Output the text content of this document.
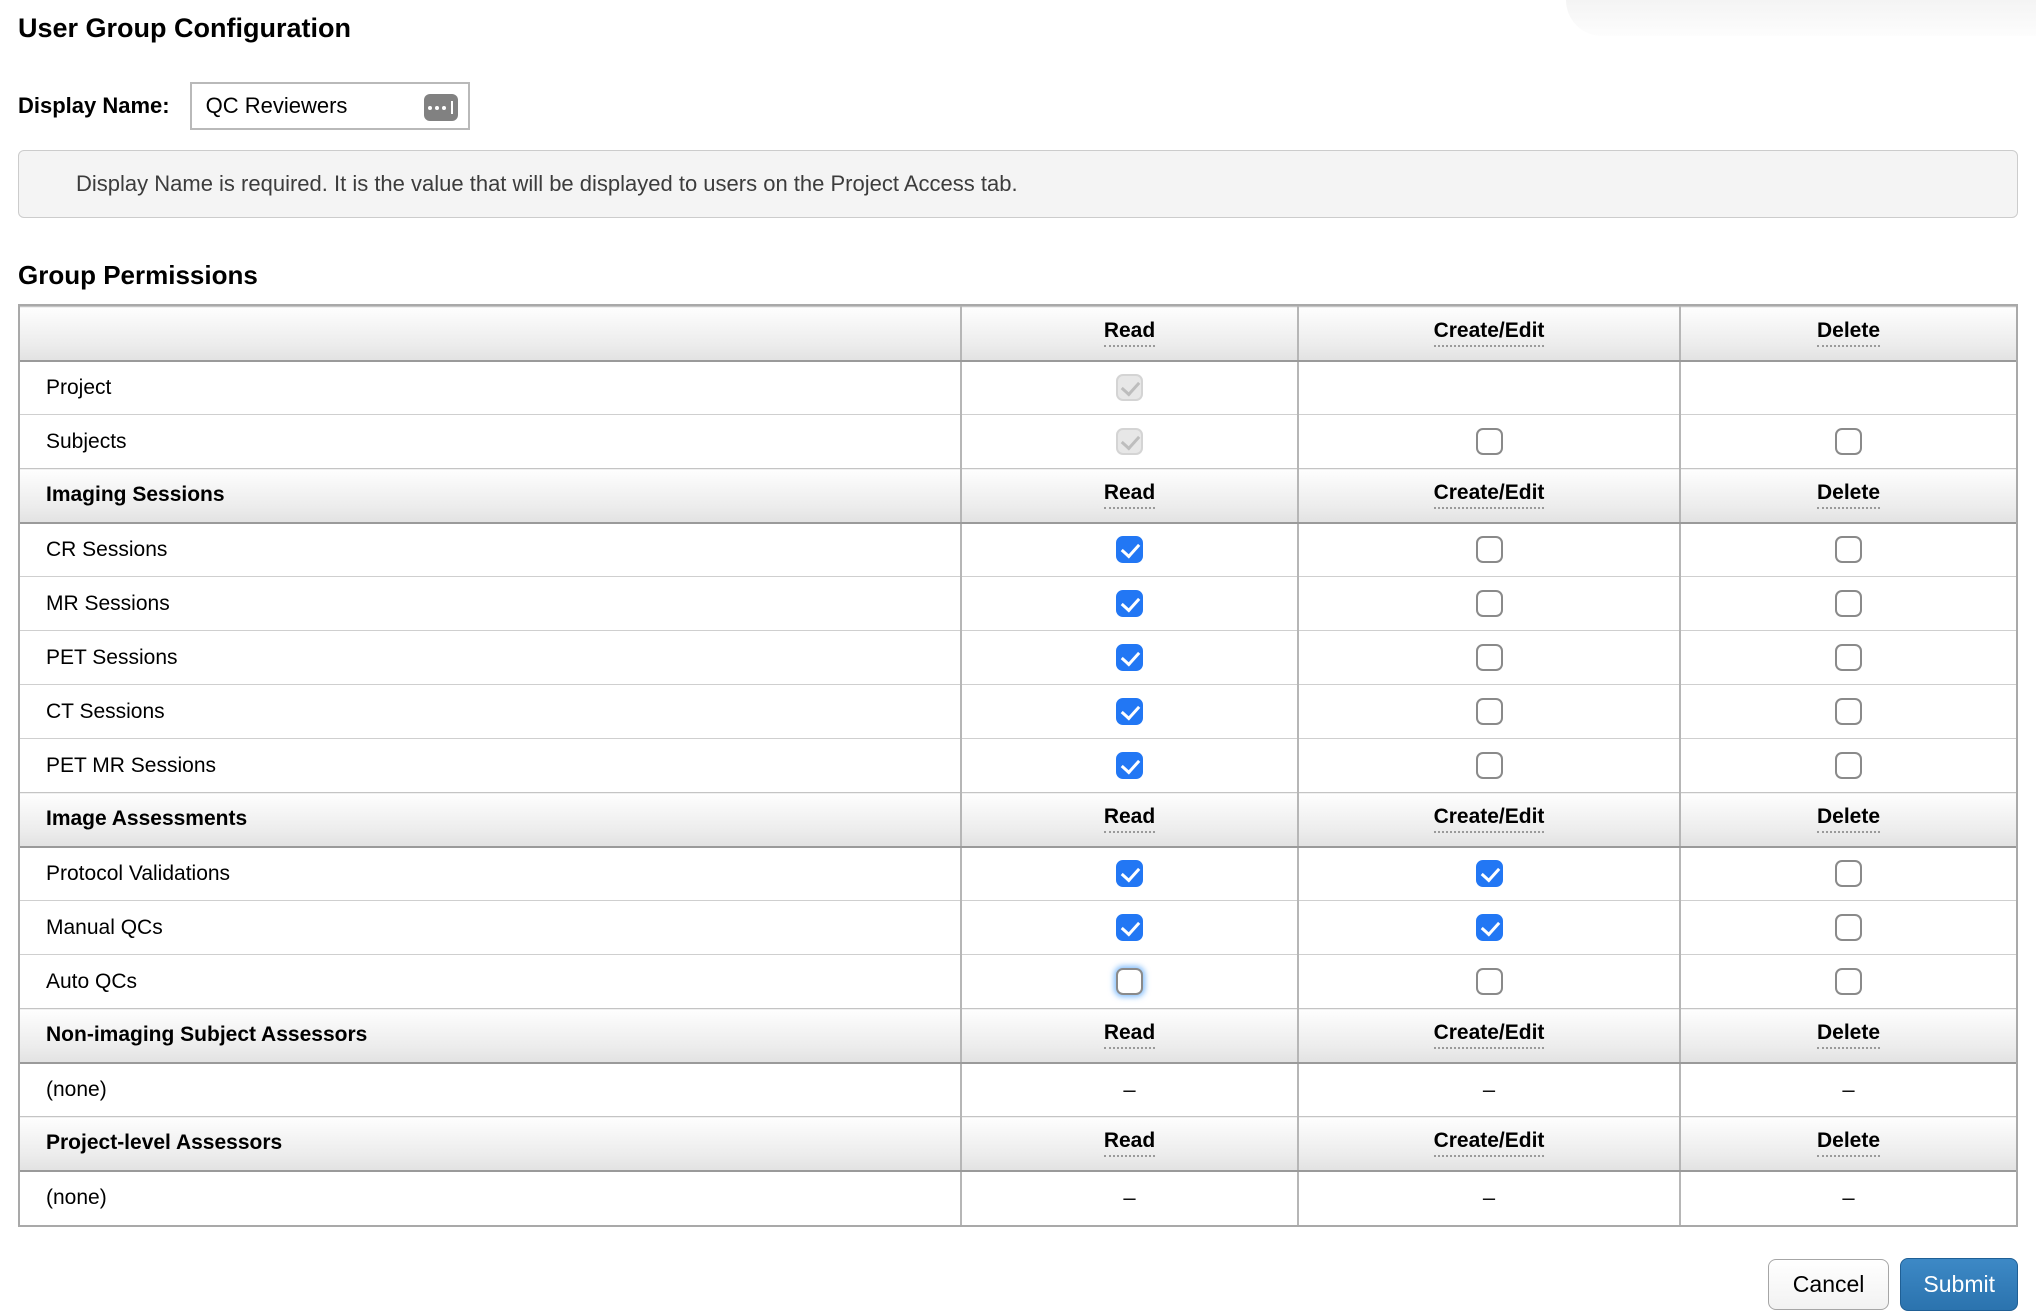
User Group Configuration
Display Name:
QC Reviewers
Display Name is required. It is the value that will be displayed to users on the Project Access tab.
Group Permissions
	Read	Create/Edit	Delete
Project			
Subjects			
Imaging Sessions	Read	Create/Edit	Delete
CR Sessions			
MR Sessions			
PET Sessions			
CT Sessions			
PET MR Sessions			
Image Assessments	Read	Create/Edit	Delete
Protocol Validations			
Manual QCs			
Auto QCs			
Non-imaging Subject Assessors	Read	Create/Edit	Delete
(none)	–	–	–
Project-level Assessors	Read	Create/Edit	Delete
(none)	–	–	–
Cancel	Submit
